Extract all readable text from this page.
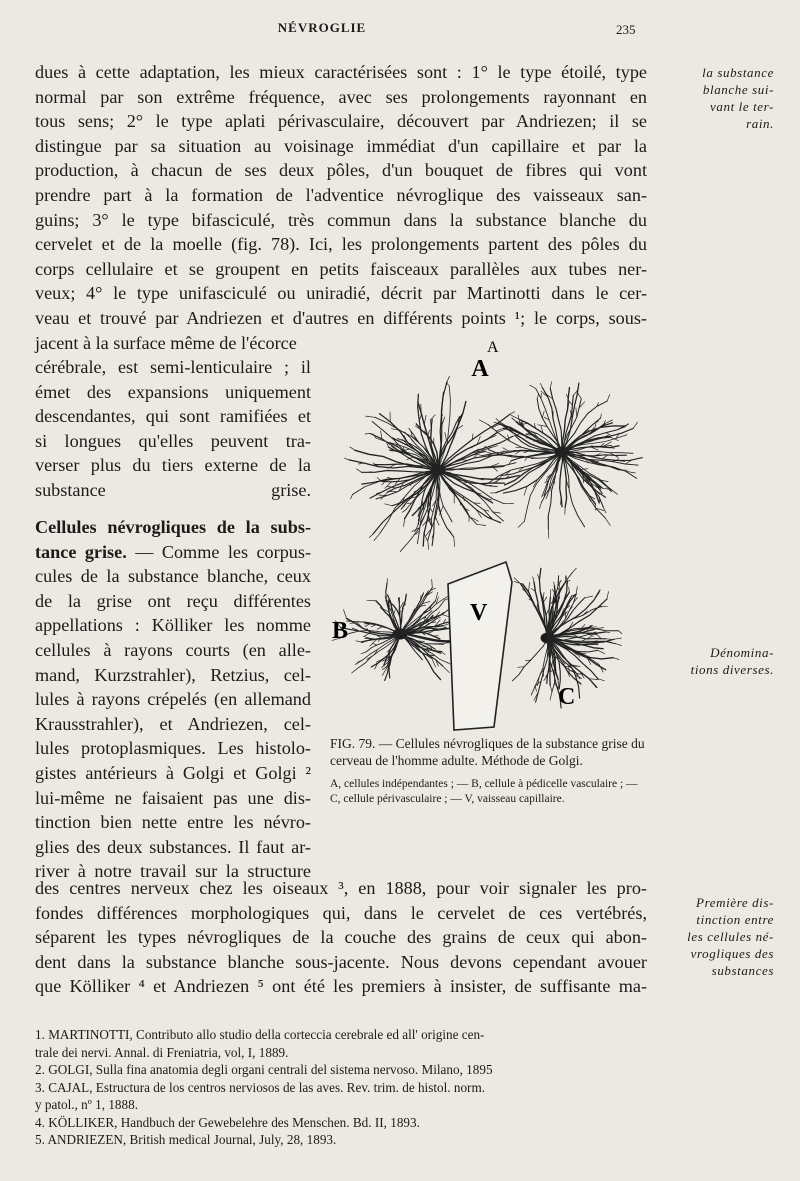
NÉVROGLIE	235
dues à cette adaptation, les mieux caractérisées sont : 1° le type étoilé, type
normal par son extrême fréquence, avec ses prolongements rayonnant en
tous sens; 2° le type aplati périvasculaire, découvert par Andriezen; il se
distingue par sa situation au voisinage immédiat d'un capillaire et par la
production, à chacun de ses deux pôles, d'un bouquet de fibres qui vont
prendre part à la formation de l'adventice névroglique des vaisseaux san-
guins; 3° le type bifasciculé, très commun dans la substance blanche du
cervelet et de la moelle (fig. 78). Ici, les prolongements partent des pôles du
corps cellulaire et se groupent en petits faisceaux parallèles aux tubes ner-
veux; 4° le type unifasciculé ou uniradié, décrit par Martinotti dans le cer-
veau et trouvé par Andriezen et d'autres en différents points ¹; le corps, sous-
jacent à la surface même de l'écorce
cérébrale, est semi-lenticulaire ; il
émet des expansions uniquement
descendantes, qui sont ramifiées et
si longues qu'elles peuvent tra-
verser plus du tiers externe de la
substance grise.
Cellules névrogliques de la subs-
tance grise. — Comme les corpus-
cules de la substance blanche, ceux
de la grise ont reçu différentes
appellations : Kölliker les nomme
cellules à rayons courts (en alle-
mand, Kurzstrahler), Retzius, cel-
lules à rayons crépelés (en allemand
Krausstrahler), et Andriezen, cel-
lules protoplasmiques. Les histolo-
gistes antérieurs à Golgi et Golgi ²
lui-même ne faisaient pas une dis-
tinction bien nette entre les névro-
glies des deux substances. Il faut ar-
river à notre travail sur la structure
des centres nerveux chez les oiseaux ³, en 1888, pour voir signaler les pro-
fondes différences morphologiques qui, dans le cervelet de ces vertébrés,
séparent les types névrogliques de la couche des grains de ceux qui abon-
dent dans la substance blanche sous-jacente. Nous devons cependant avouer
que Kölliker ⁴ et Andriezen ⁵ ont été les premiers à insister, de suffisante ma-
la substance
blanche sui-
vant le ter-
rain.
Dénomina-
tions diverses.
Première dis-
tinction entre
les cellules né-
vrogliques des
substances
A
A
B
V
C
FIG. 79. — Cellules névrogliques de la substance grise du cerveau de l'homme adulte. Méthode de Golgi.
A, cellules indépendantes ; — B, cellule à pédicelle vasculaire ; — C, cellule périvasculaire ; — V, vaisseau capillaire.
1. MARTINOTTI, Contributo allo studio della corteccia cerebrale ed all' origine cen-
trale dei nervi. Annal. di Freniatria, vol, I, 1889.
2. GOLGI, Sulla fina anatomia degli organi centrali del sistema nervoso. Milano, 1895
3. CAJAL, Estructura de los centros nerviosos de las aves. Rev. trim. de histol. norm.
y patol., nº 1, 1888.
4. KÖLLIKER, Handbuch der Gewebelehre des Menschen. Bd. II, 1893.
5. ANDRIEZEN, British medical Journal, July, 28, 1893.
